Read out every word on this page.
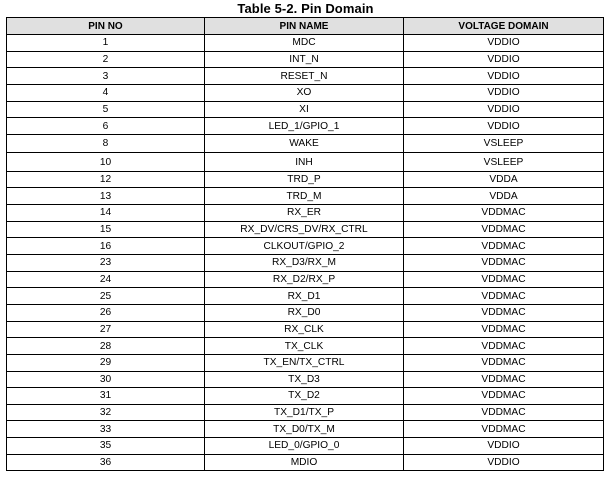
Table 5-2. Pin Domain
PIN NO	PIN NAME	VOLTAGE DOMAIN
1	MDC	VDDIO
2	INT_N	VDDIO
3	RESET_N	VDDIO
4	XO	VDDIO
5	XI	VDDIO
6	LED_1/GPIO_1	VDDIO
8	WAKE	VSLEEP
10	INH	VSLEEP
12	TRD_P	VDDA
13	TRD_M	VDDA
14	RX_ER	VDDMAC
15	RX_DV/CRS_DV/RX_CTRL	VDDMAC
16	CLKOUT/GPIO_2	VDDMAC
23	RX_D3/RX_M	VDDMAC
24	RX_D2/RX_P	VDDMAC
25	RX_D1	VDDMAC
26	RX_D0	VDDMAC
27	RX_CLK	VDDMAC
28	TX_CLK	VDDMAC
29	TX_EN/TX_CTRL	VDDMAC
30	TX_D3	VDDMAC
31	TX_D2	VDDMAC
32	TX_D1/TX_P	VDDMAC
33	TX_D0/TX_M	VDDMAC
35	LED_0/GPIO_0	VDDIO
36	MDIO	VDDIO
